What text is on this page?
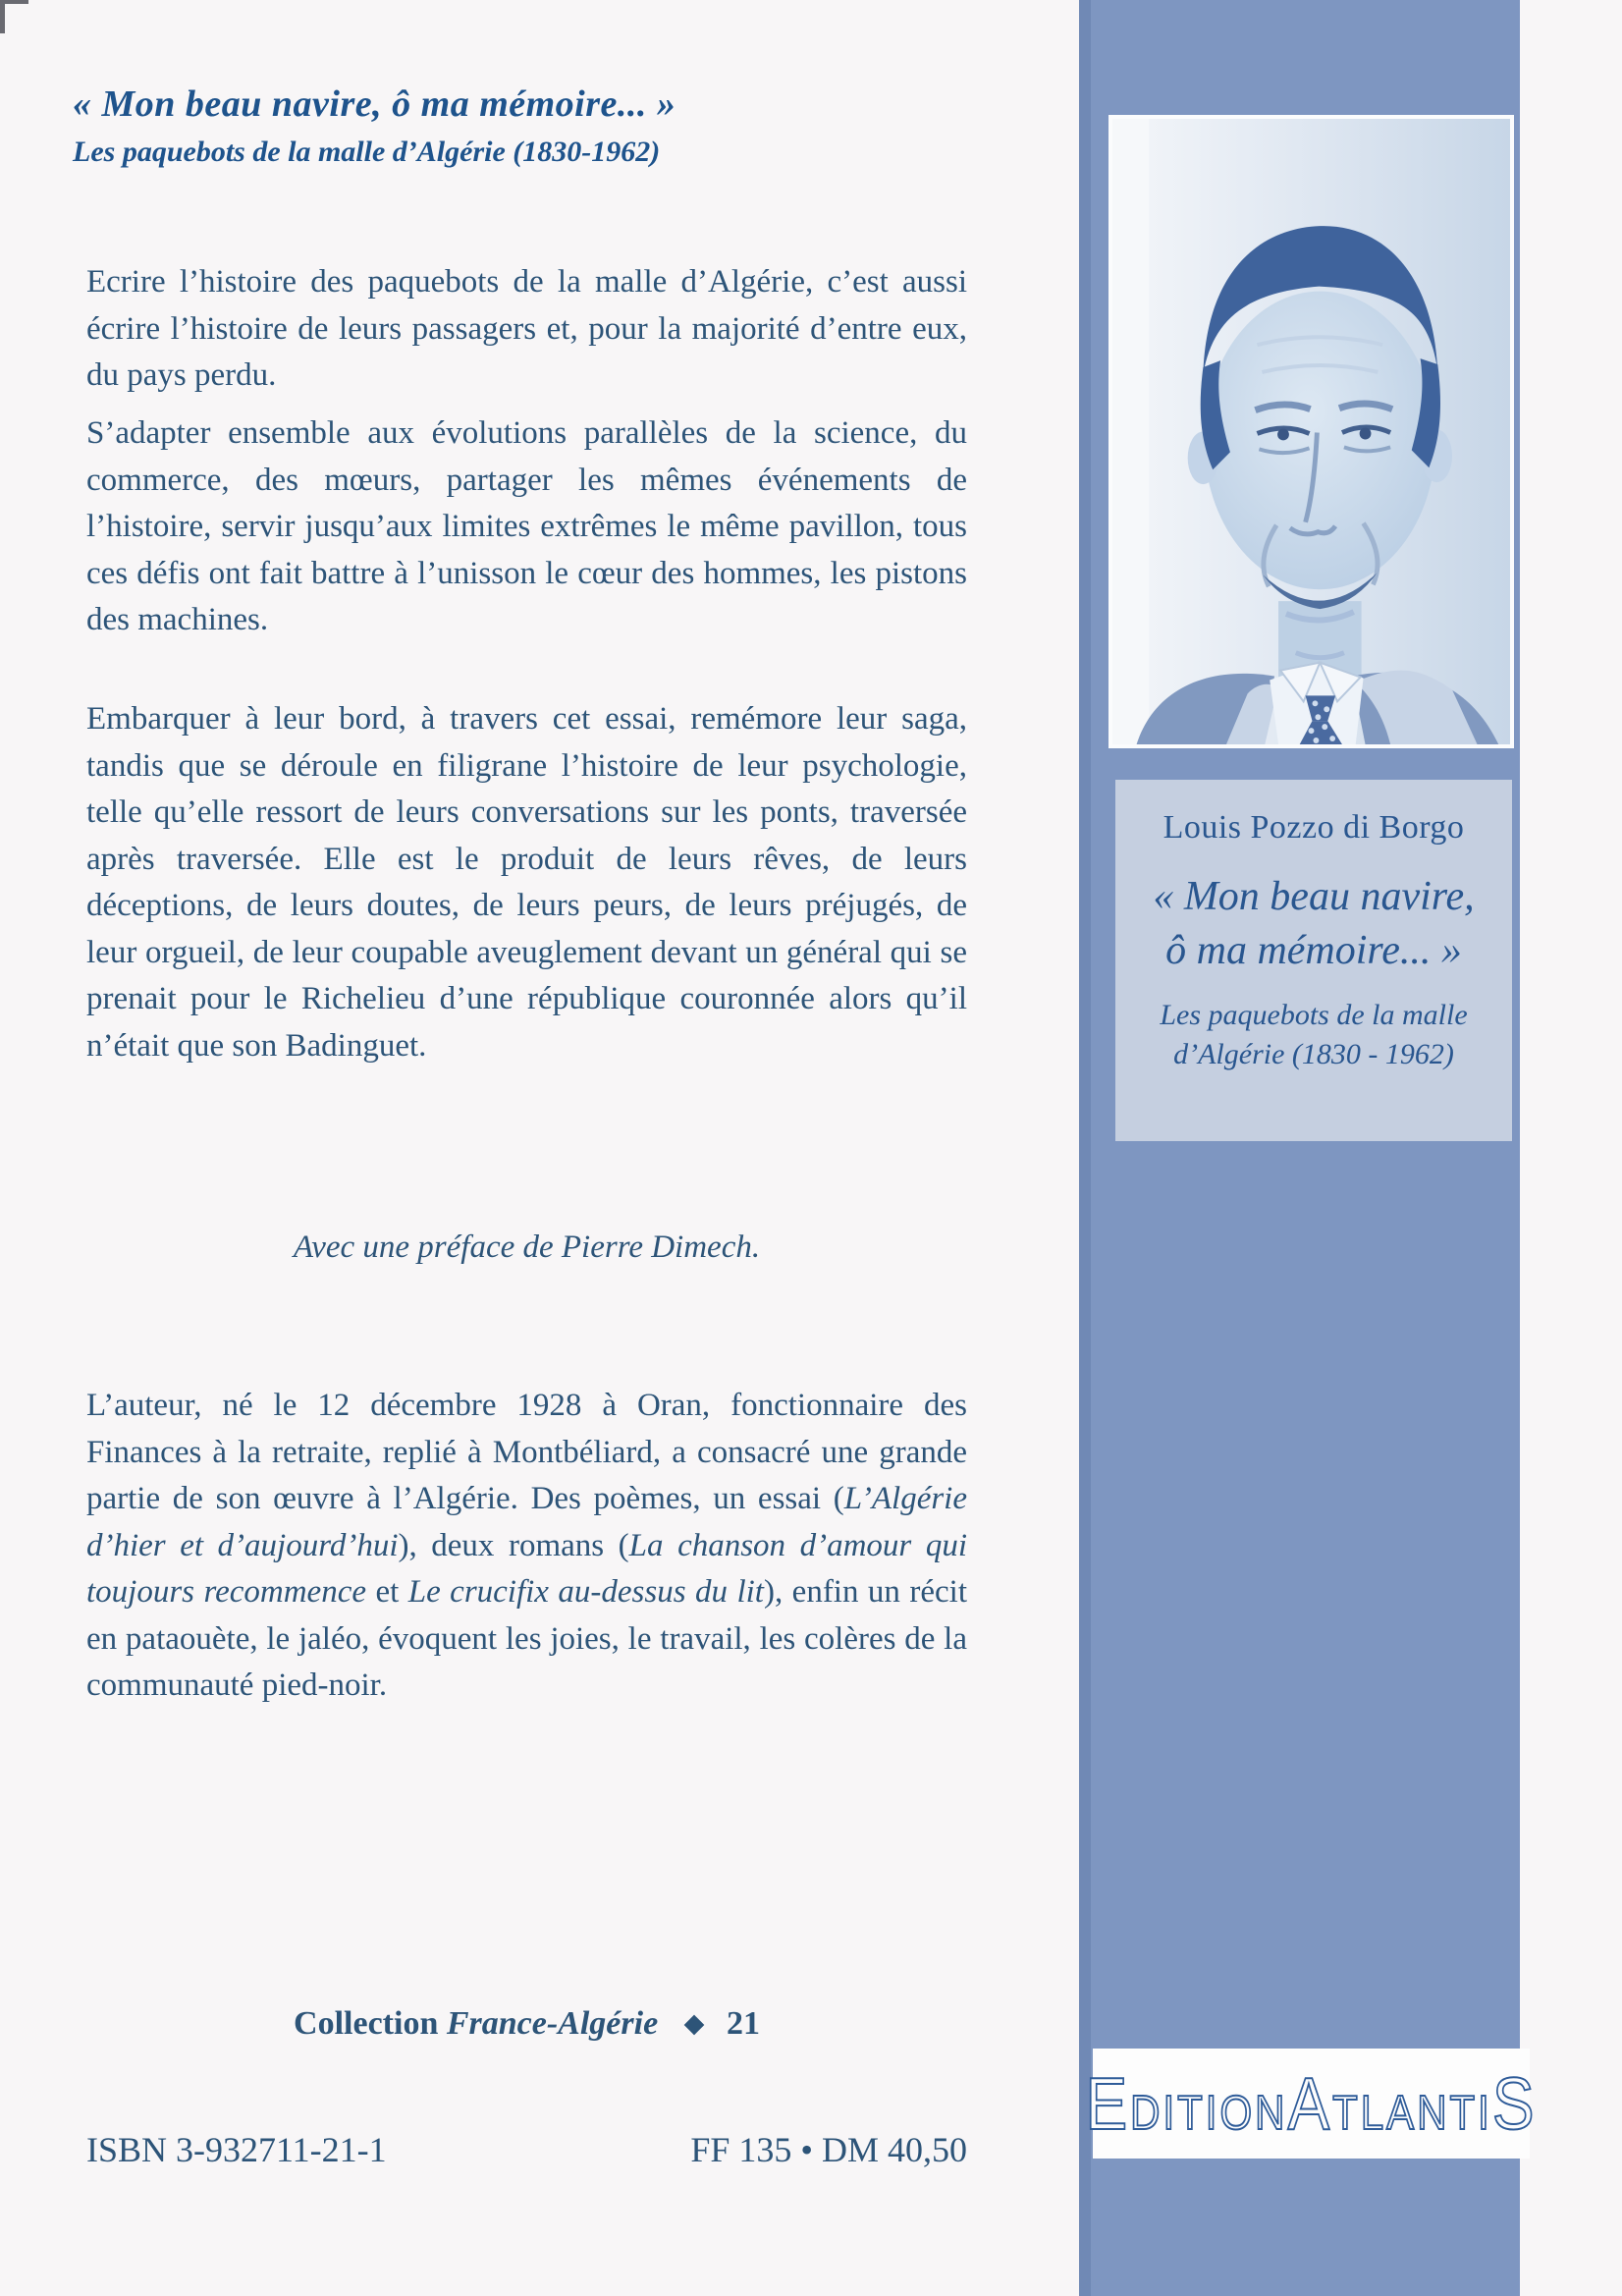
« Mon beau navire, ô ma mémoire... »
Les paquebots de la malle d’Algérie (1830-1962)
Ecrire l’histoire des paquebots de la malle d’Algérie, c’est aussi écrire l’histoire de leurs passagers et, pour la majorité d’entre eux, du pays perdu.
S’adapter ensemble aux évolutions parallèles de la science, du commerce, des mœurs, partager les mêmes événements de l’histoire, servir jusqu’aux limites extrêmes le même pavillon, tous ces défis ont fait battre à l’unisson le cœur des hommes, les pistons des machines.
Embarquer à leur bord, à travers cet essai, remémore leur saga, tandis que se déroule en filigrane l’histoire de leur psychologie, telle qu’elle ressort de leurs conversations sur les ponts, traversée après traversée. Elle est le produit de leurs rêves, de leurs déceptions, de leurs doutes, de leurs peurs, de leurs préjugés, de leur orgueil, de leur coupable aveuglement devant un général qui se prenait pour le Richelieu d’une république couronnée alors qu’il n’était que son Badinguet.
Avec une préface de Pierre Dimech.
L’auteur, né le 12 décembre 1928 à Oran, fonctionnaire des Finances à la retraite, replié à Montbéliard, a consacré une grande partie de son œuvre à l’Algérie. Des poèmes, un essai (L’Algérie d’hier et d’aujourd’hui), deux romans (La chanson d’amour qui toujours recommence et Le crucifix au-dessus du lit), enfin un récit en pataouète, le jaléo, évoquent les joies, le travail, les colères de la communauté pied-noir.
Collection France-Algérie ◆ 21
ISBN 3-932711-21-1	FF 135 • DM 40,50
Louis Pozzo di Borgo
« Mon beau navire,
ô ma mémoire... »
Les paquebots de la malle
d’Algérie (1830 - 1962)
EDITIONATLANTIS
